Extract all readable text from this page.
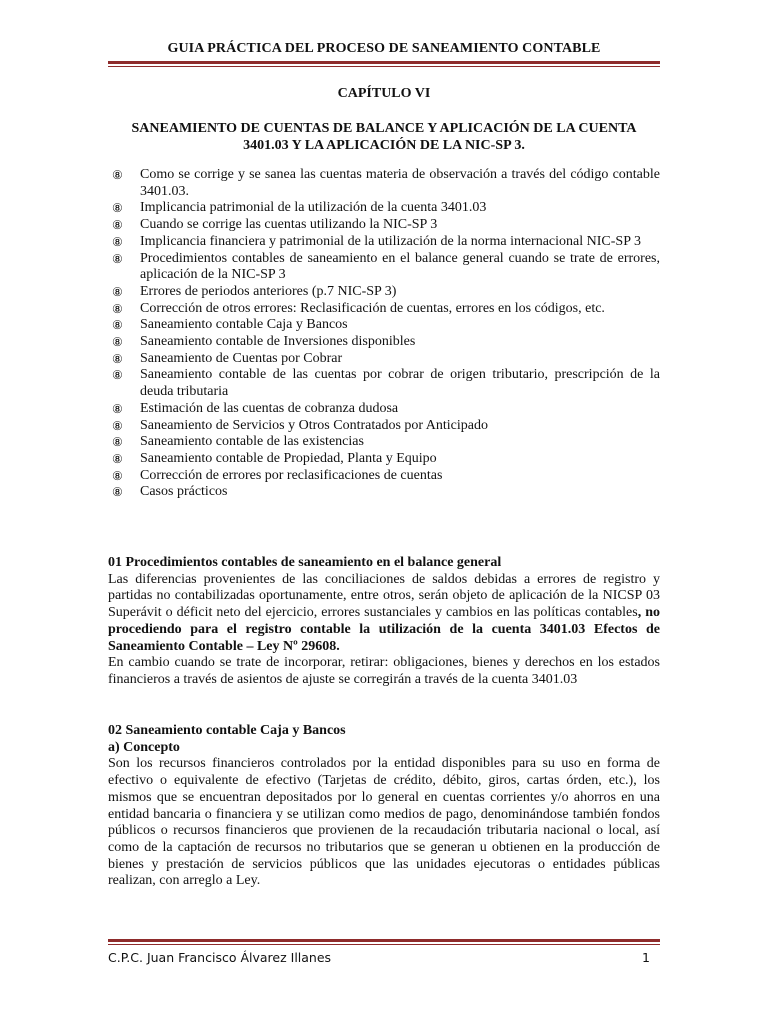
GUIA PRÁCTICA DEL PROCESO DE SANEAMIENTO CONTABLE
CAPÍTULO VI
SANEAMIENTO DE CUENTAS DE BALANCE Y APLICACIÓN DE LA CUENTA 3401.03 Y LA APLICACIÓN DE LA NIC-SP 3.
⑧ Como se corrige y se sanea las cuentas materia de observación a través del código contable 3401.03.
⑧ Implicancia patrimonial de la utilización de la cuenta 3401.03
⑧ Cuando se corrige las cuentas utilizando la NIC-SP 3
⑧ Implicancia financiera y patrimonial de la utilización de la norma internacional NIC-SP 3
⑧ Procedimientos contables de saneamiento en el balance general cuando se trate de errores, aplicación de la NIC-SP 3
⑧ Errores de periodos anteriores (p.7 NIC-SP 3)
⑧ Corrección de otros errores: Reclasificación de cuentas, errores en los códigos, etc.
⑧ Saneamiento contable Caja y Bancos
⑧ Saneamiento contable de Inversiones disponibles
⑧ Saneamiento de Cuentas por Cobrar
⑧ Saneamiento contable de las cuentas por cobrar de origen tributario, prescripción de la deuda tributaria
⑧ Estimación de las cuentas de cobranza dudosa
⑧ Saneamiento de Servicios y Otros Contratados por Anticipado
⑧ Saneamiento contable de las existencias
⑧ Saneamiento contable de Propiedad, Planta y Equipo
⑧ Corrección de errores por reclasificaciones de cuentas
⑧ Casos prácticos

01 Procedimientos contables de saneamiento en el balance general

Las diferencias provenientes de las conciliaciones de saldos debidas a errores de registro y partidas no contabilizadas oportunamente, entre otros, serán objeto de aplicación de la NICSP 03 Superávit o déficit neto del ejercicio, errores sustanciales y cambios en las políticas contables, no procediendo para el registro contable la utilización de la cuenta 3401.03 Efectos de Saneamiento Contable – Ley Nº 29608.

En cambio cuando se trate de incorporar, retirar: obligaciones, bienes y derechos en los estados financieros a través de asientos de ajuste se corregirán a través de la cuenta 3401.03

02 Saneamiento contable Caja y Bancos

a) Concepto

Son los recursos financieros controlados por la entidad disponibles para su uso en forma de efectivo o equivalente de efectivo (Tarjetas de crédito, débito, giros, cartas órden, etc.), los mismos que se encuentran depositados por lo general en cuentas corrientes y/o ahorros en una entidad bancaria o financiera y se utilizan como medios de pago, denominándose también fondos públicos o recursos financieros que provienen de la recaudación tributaria nacional o local, así como de la captación de recursos no tributarios que se generan u obtienen en la producción de bienes y prestación de servicios públicos que las unidades ejecutoras o entidades públicas realizan, con arreglo a Ley.

C.P.C. Juan Francisco Álvarez Illanes	1
